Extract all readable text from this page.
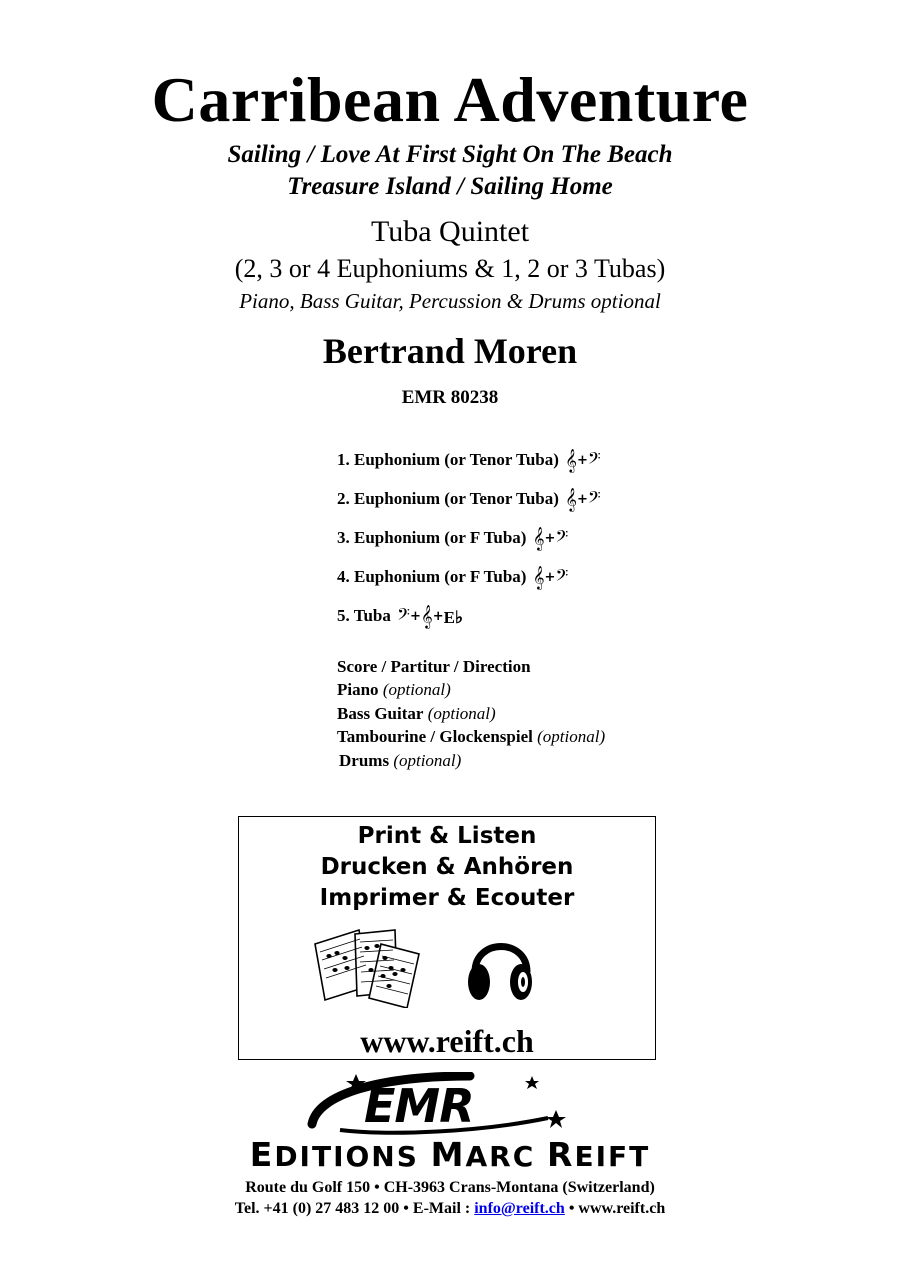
Carribean Adventure
Sailing / Love At First Sight On The Beach
Treasure Island / Sailing Home
Tuba Quintet
(2, 3 or 4 Euphoniums & 1, 2 or 3 Tubas)
Piano, Bass Guitar, Percussion & Drums optional
Bertrand Moren
EMR 80238
1. Euphonium (or Tenor Tuba) 𝄞+𝄢
2. Euphonium (or Tenor Tuba) 𝄞+𝄢
3. Euphonium (or F Tuba) 𝄞+𝄢
4. Euphonium (or F Tuba) 𝄞+𝄢
5. Tuba 𝄢+𝄞+E♭
Score / Partitur / Direction
Piano (optional)
Bass Guitar (optional)
Tambourine / Glockenspiel (optional)
Drums (optional)
Print & Listen
Drucken & Anhören
Imprimer & Ecouter
www.reift.ch
EMR
EDITIONS MARC REIFT
Route du Golf 150 • CH-3963 Crans-Montana (Switzerland)
Tel. +41 (0) 27 483 12 00 • E-Mail : info@reift.ch • www.reift.ch
